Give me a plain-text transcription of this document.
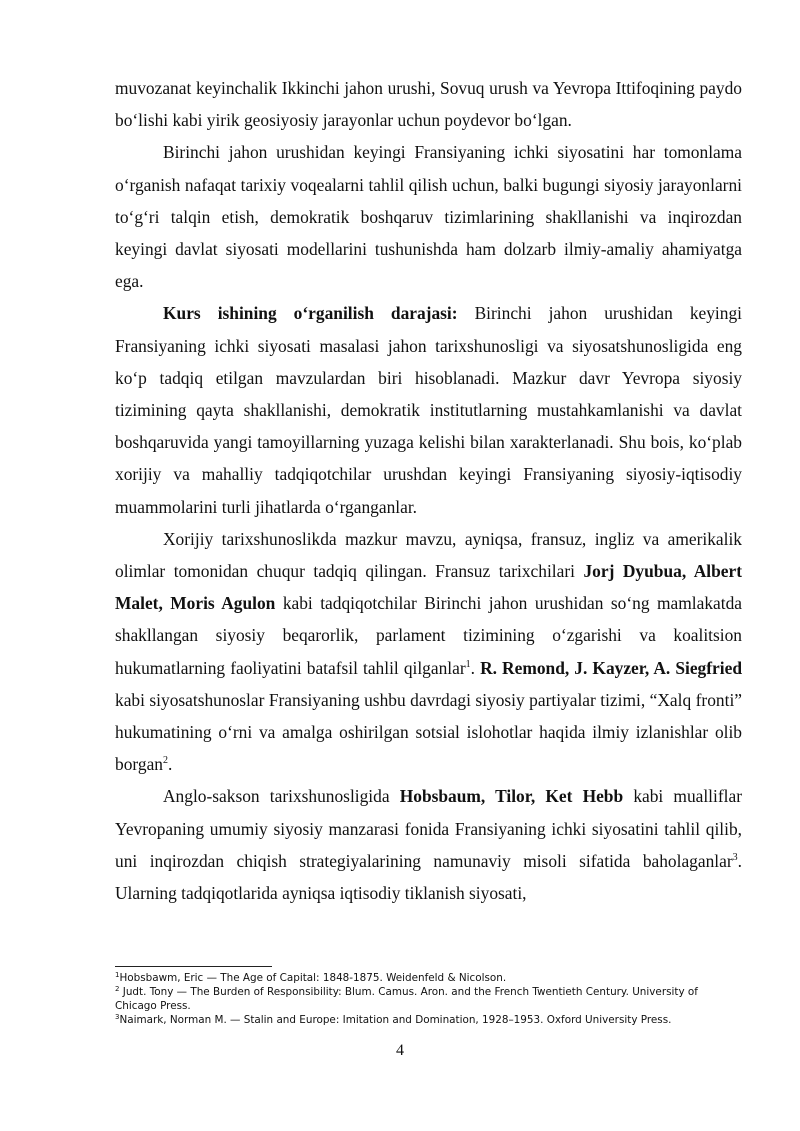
muvozanat keyinchalik Ikkinchi jahon urushi, Sovuq urush va Yevropa Ittifoqining paydo bo‘lishi kabi yirik geosiyosiy jarayonlar uchun poydevor bo‘lgan.

Birinchi jahon urushidan keyingi Fransiyaning ichki siyosatini har tomonlama o‘rganish nafaqat tarixiy voqealarni tahlil qilish uchun, balki bugungi siyosiy jarayonlarni to‘g‘ri talqin etish, demokratik boshqaruv tizimlarining shakllanishi va inqirozdan keyingi davlat siyosati modellarini tushunishda ham dolzarb ilmiy-amaliy ahamiyatga ega.

Kurs ishining o‘rganilish darajasi: Birinchi jahon urushidan keyingi Fransiyaning ichki siyosati masalasi jahon tarixshunosligi va siyosatshunosligida eng ko‘p tadqiq etilgan mavzulardan biri hisoblanadi. Mazkur davr Yevropa siyosiy tizimining qayta shakllanishi, demokratik institutlarning mustahkamlanishi va davlat boshqaruvida yangi tamoyillarning yuzaga kelishi bilan xarakterlanadi. Shu bois, ko‘plab xorijiy va mahalliy tadqiqotchilar urushdan keyingi Fransiyaning siyosiy-iqtisodiy muammolarini turli jihatlarda o‘rganganlar.

Xorijiy tarixshunoslikda mazkur mavzu, ayniqsa, fransuz, ingliz va amerikalik olimlar tomonidan chuqur tadqiq qilingan. Fransuz tarixchilari Jorj Dyubua, Albert Malet, Moris Agulon kabi tadqiqotchilar Birinchi jahon urushidan so‘ng mamlakatda shakllangan siyosiy beqarorlik, parlament tizimining o‘zgarishi va koalitsion hukumatlarning faoliyatini batafsil tahlil qilganlar$^1$. R. Remond, J. Kayzer, A. Siegfried kabi siyosatshunoslar Fransiyaning ushbu davrdagi siyosiy partiyalar tizimi, “Xalq fronti” hukumatining o‘rni va amalga oshirilgan sotsial islohotlar haqida ilmiy izlanishlar olib borgan$^2$.

Anglo-sakson tarixshunosligida Hobsbaum, Tilor, Ket Hebb kabi mualliflar Yevropaning umumiy siyosiy manzarasi fonida Fransiyaning ichki siyosatini tahlil qilib, uni inqirozdan chiqish strategiyalarining namunaviy misoli sifatida baholaganlar$^3$. Ularning tadqiqotlarida ayniqsa iqtisodiy tiklanish siyosati,

$^1$Hobsbawm, Eric — The Age of Capital: 1848-1875. Weidenfeld & Nicolson.

$^2$ Judt. Tony — The Burden of Responsibility: Blum. Camus. Aron. and the French Twentieth Century. University of Chicago Press.

$^3$Naimark, Norman M. — Stalin and Europe: Imitation and Domination, 1928–1953. Oxford University Press.

4
